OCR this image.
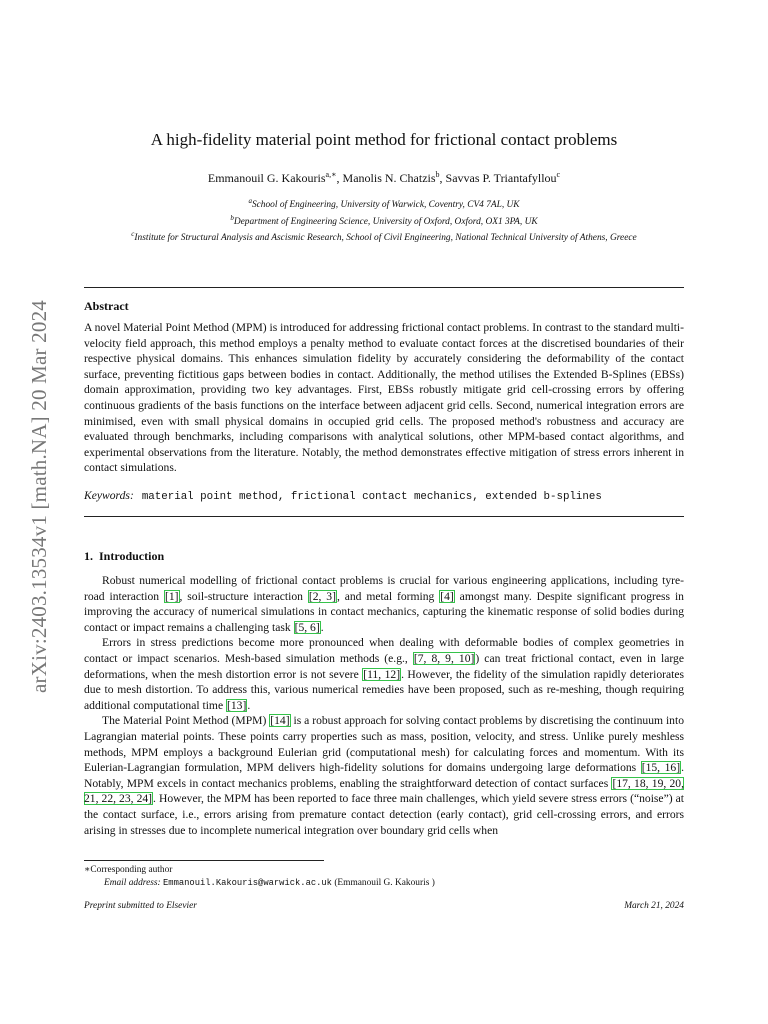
arXiv:2403.13534v1 [math.NA] 20 Mar 2024
A high-fidelity material point method for frictional contact problems
Emmanouil G. Kakouris$^{a,∗}$, Manolis N. Chatzis$^b$, Savvas P. Triantafyllou$^c$
$^a$School of Engineering, University of Warwick, Coventry, CV4 7AL, UK
$^b$Department of Engineering Science, University of Oxford, Oxford, OX1 3PA, UK
$^c$Institute for Structural Analysis and Ascismic Research, School of Civil Engineering, National Technical University of Athens, Greece
Abstract

A novel Material Point Method (MPM) is introduced for addressing frictional contact problems. In contrast to the standard multi-velocity field approach, this method employs a penalty method to evaluate contact forces at the discretised boundaries of their respective physical domains. This enhances simulation fidelity by accurately considering the deformability of the contact surface, preventing fictitious gaps between bodies in contact. Additionally, the method utilises the Extended B-Splines (EBSs) domain approximation, providing two key advantages. First, EBSs robustly mitigate grid cell-crossing errors by offering continuous gradients of the basis functions on the interface between adjacent grid cells. Second, numerical integration errors are minimised, even with small physical domains in occupied grid cells. The proposed method's robustness and accuracy are evaluated through benchmarks, including comparisons with analytical solutions, other MPM-based contact algorithms, and experimental observations from the literature. Notably, the method demonstrates effective mitigation of stress errors inherent in contact simulations.

Keywords: material point method, frictional contact mechanics, extended b-splines
1. Introduction

Robust numerical modelling of frictional contact problems is crucial for various engineering applications, including tyre-road interaction [1], soil-structure interaction [2, 3], and metal forming [4] amongst many. Despite significant progress in improving the accuracy of numerical simulations in contact mechanics, capturing the kinematic response of solid bodies during contact or impact remains a challenging task [5, 6].

Errors in stress predictions become more pronounced when dealing with deformable bodies of complex geometries in contact or impact scenarios. Mesh-based simulation methods (e.g., [7, 8, 9, 10]) can treat frictional contact, even in large deformations, when the mesh distortion error is not severe [11, 12]. However, the fidelity of the simulation rapidly deteriorates due to mesh distortion. To address this, various numerical remedies have been proposed, such as re-meshing, though requiring additional computational time [13].

The Material Point Method (MPM) [14] is a robust approach for solving contact problems by discretising the continuum into Lagrangian material points. These points carry properties such as mass, position, velocity, and stress. Unlike purely meshless methods, MPM employs a background Eulerian grid (computational mesh) for calculating forces and momentum. With its Eulerian-Lagrangian formulation, MPM delivers high-fidelity solutions for domains undergoing large deformations [15, 16]. Notably, MPM excels in contact mechanics problems, enabling the straightforward detection of contact surfaces [17, 18, 19, 20, 21, 22, 23, 24]. However, the MPM has been reported to face three main challenges, which yield severe stress errors (“noise”) at the contact surface, i.e., errors arising from premature contact detection (early contact), grid cell-crossing errors, and errors arising in stresses due to incomplete numerical integration over boundary grid cells when

∗Corresponding author
Email address: Emmanouil.Kakouris@warwick.ac.uk (Emmanouil G. Kakouris )
Preprint submitted to Elsevier	March 21, 2024
